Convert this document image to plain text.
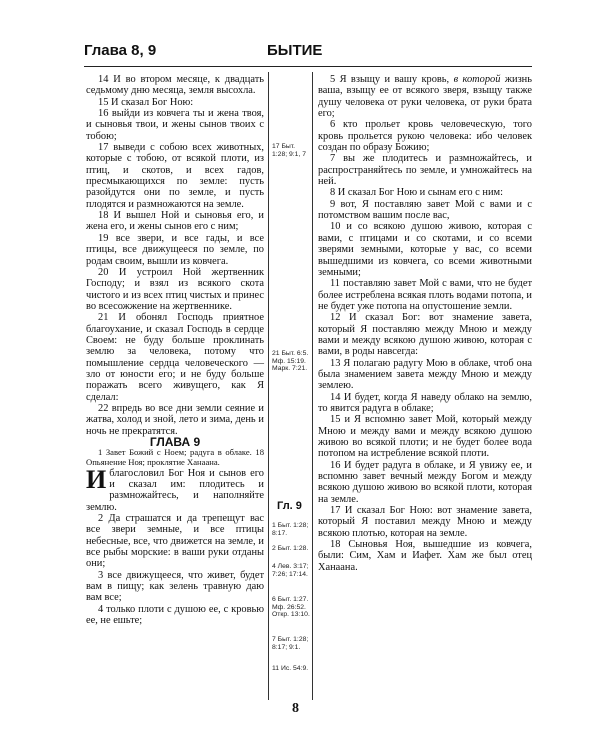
Глава 8, 9	БЫТИЕ

14 И во втором месяце, к двадцать седьмому дню месяца, земля высохла.

15 И сказал Бог Ною:

16 выйди из ковчега ты и жена твоя, и сыновья твои, и жены сынов твоих с тобою;

17 выведи с собою всех животных, которые с тобою, от всякой плоти, из птиц, и скотов, и всех гадов, пресмыкающихся по земле: пусть разойдутся они по земле, и пусть плодятся и размножаются на земле.

18 И вышел Ной и сыновья его, и жена его, и жены сынов его с ним;

19 все звери, и все гады, и все птицы, все движущееся по земле, по родам своим, вышли из ковчега.

20 И устроил Ной жертвенник Господу; и взял из всякого скота чистого и из всех птиц чистых и принес во всесожжение на жертвеннике.

21 И обонял Господь приятное благоухание, и сказал Господь в сердце Своем: не буду больше проклинать землю за человека, потому что помышление сердца человеческого — зло от юности его; и не буду больше поражать всего живущего, как Я сделал:

22 впредь во все дни земли сеяние и жатва, холод и зной, лето и зима, день и ночь не прекратятся.

ГЛАВА 9

1 Завет Божий с Ноем; радуга в облаке. 18 Опьянение Ноя; проклятие Ханаана.

Иблагословил Бог Ноя и сынов его и сказал им: плодитесь и размножайтесь, и наполняйте землю.

2 Да страшатся и да трепещут вас все звери земные, и все птицы небесные, все, что движется на земле, и все рыбы морские: в ваши руки отданы они;

3 все движущееся, что живет, будет вам в пищу; как зелень травную даю вам все;

4 только плоти с душою ее, с кровью ее, не ешьте;

17 Быт. 1:28; 9:1, 7
21 Быт. 6:5. Мф. 15:19. Марк. 7:21.
Гл. 9
1 Быт. 1:28; 8:17.
2 Быт. 1:28.
4 Лев. 3:17; 7:26; 17:14.
6 Быт. 1:27. Мф. 26:52. Откр. 13:10.
7 Быт. 1:28; 8:17; 9:1.
11 Ис. 54:9.

5 Я взыщу и вашу кровь, в которой жизнь ваша, взыщу ее от всякого зверя, взыщу также душу человека от руки человека, от руки брата его;

6 кто прольет кровь человеческую, того кровь прольется рукою человека: ибо человек создан по образу Божию;

7 вы же плодитесь и размножайтесь, и распространяйтесь по земле, и умножайтесь на ней.

8 И сказал Бог Ною и сынам его с ним:

9 вот, Я поставляю завет Мой с вами и с потомством вашим после вас,

10 и со всякою душою живою, которая с вами, с птицами и со скотами, и со всеми зверями земными, которые у вас, со всеми вышедшими из ковчега, со всеми животными земными;

11 поставляю завет Мой с вами, что не будет более истреблена всякая плоть водами потопа, и не будет уже потопа на опустошение земли.

12 И сказал Бог: вот знамение завета, который Я поставляю между Мною и между вами и между всякою душою живою, которая с вами, в роды навсегда:

13 Я полагаю радугу Мою в облаке, чтоб она была знамением завета между Мною и между землею.

14 И будет, когда Я наведу облако на землю, то явится радуга в облаке;

15 и Я вспомню завет Мой, который между Мною и между вами и между всякою душою живою во всякой плоти; и не будет более вода потопом на истребление всякой плоти.

16 И будет радуга в облаке, и Я увижу ее, и вспомню завет вечный между Богом и между всякою душою живою во всякой плоти, которая на земле.

17 И сказал Бог Ною: вот знамение завета, который Я поставил между Мною и между всякою плотью, которая на земле.

18 Сыновья Ноя, вышедшие из ковчега, были: Сим, Хам и Иафет. Хам же был отец Ханаана.

8
